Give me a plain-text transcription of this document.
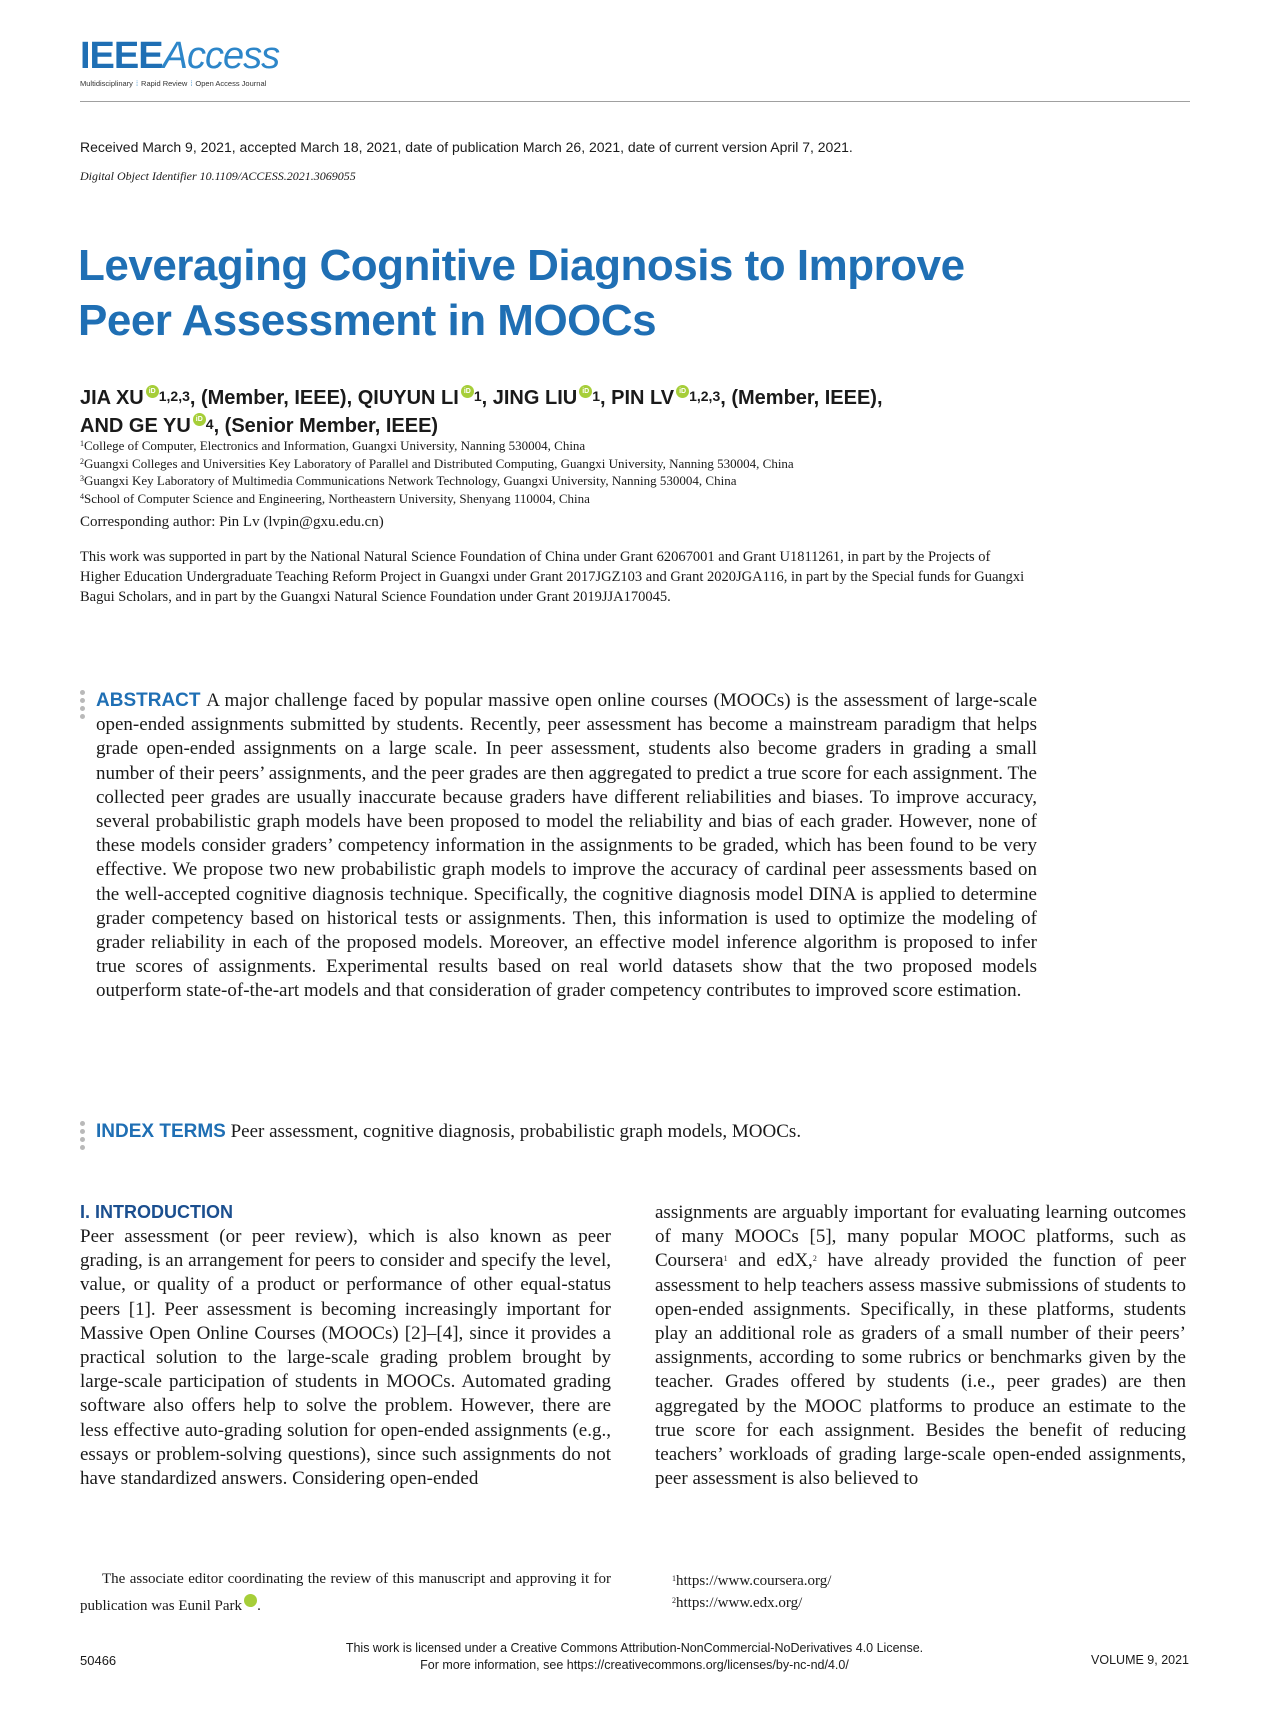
IEEEAccess
Multidisciplinary ⁞ Rapid Review ⁞ Open Access Journal
Received March 9, 2021, accepted March 18, 2021, date of publication March 26, 2021, date of current version April 7, 2021.
Digital Object Identifier 10.1109/ACCESS.2021.3069055
Leveraging Cognitive Diagnosis to Improve
Peer Assessment in MOOCs
JIA XU iD $^{1,2,3}$, (Member, IEEE), QIUYUN LI iD $^1$, JING LIU iD $^1$, PIN LV iD $^{1,2,3}$, (Member, IEEE),
AND GE YU iD $^4$, (Senior Member, IEEE)
$^1$College of Computer, Electronics and Information, Guangxi University, Nanning 530004, China
$^2$Guangxi Colleges and Universities Key Laboratory of Parallel and Distributed Computing, Guangxi University, Nanning 530004, China
$^3$Guangxi Key Laboratory of Multimedia Communications Network Technology, Guangxi University, Nanning 530004, China
$^4$School of Computer Science and Engineering, Northeastern University, Shenyang 110004, China
Corresponding author: Pin Lv (lvpin@gxu.edu.cn)
This work was supported in part by the National Natural Science Foundation of China under Grant 62067001 and Grant U1811261, in part by the Projects of Higher Education Undergraduate Teaching Reform Project in Guangxi under Grant 2017JGZ103 and Grant 2020JGA116, in part by the Special funds for Guangxi Bagui Scholars, and in part by the Guangxi Natural Science Foundation under Grant 2019JJA170045.
ABSTRACT A major challenge faced by popular massive open online courses (MOOCs) is the assessment of large-scale open-ended assignments submitted by students. Recently, peer assessment has become a mainstream paradigm that helps grade open-ended assignments on a large scale. In peer assessment, students also become graders in grading a small number of their peers’ assignments, and the peer grades are then aggregated to predict a true score for each assignment. The collected peer grades are usually inaccurate because graders have different reliabilities and biases. To improve accuracy, several probabilistic graph models have been proposed to model the reliability and bias of each grader. However, none of these models consider graders’ competency information in the assignments to be graded, which has been found to be very effective. We propose two new probabilistic graph models to improve the accuracy of cardinal peer assessments based on the well-accepted cognitive diagnosis technique. Specifically, the cognitive diagnosis model DINA is applied to determine grader competency based on historical tests or assignments. Then, this information is used to optimize the modeling of grader reliability in each of the proposed models. Moreover, an effective model inference algorithm is proposed to infer true scores of assignments. Experimental results based on real world datasets show that the two proposed models outperform state-of-the-art models and that consideration of grader competency contributes to improved score estimation.
INDEX TERMS Peer assessment, cognitive diagnosis, probabilistic graph models, MOOCs.
I. INTRODUCTION
Peer assessment (or peer review), which is also known as peer grading, is an arrangement for peers to consider and specify the level, value, or quality of a product or performance of other equal-status peers [1]. Peer assessment is becoming increasingly important for Massive Open Online Courses (MOOCs) [2]–[4], since it provides a practical solution to the large-scale grading problem brought by large-scale participation of students in MOOCs. Automated grading software also offers help to solve the problem. However, there are less effective auto-grading solution for open-ended assignments (e.g., essays or problem-solving questions), since such assignments do not have standardized answers. Considering open-ended
assignments are arguably important for evaluating learning outcomes of many MOOCs [5], many popular MOOC platforms, such as Coursera$^1$ and edX,$^2$ have already provided the function of peer assessment to help teachers assess massive submissions of students to open-ended assignments. Specifically, in these platforms, students play an additional role as graders of a small number of their peers’ assignments, according to some rubrics or benchmarks given by the teacher. Grades offered by students (i.e., peer grades) are then aggregated by the MOOC platforms to produce an estimate to the true score for each assignment. Besides the benefit of reducing teachers’ workloads of grading large-scale open-ended assignments, peer assessment is also believed to
The associate editor coordinating the review of this manuscript and approving it for publication was Eunil Park	iD.
$^1$https://www.coursera.org/
$^2$https://www.edx.org/
50466
This work is licensed under a Creative Commons Attribution-NonCommercial-NoDerivatives 4.0 License.
For more information, see https://creativecommons.org/licenses/by-nc-nd/4.0/	VOLUME 9, 2021
